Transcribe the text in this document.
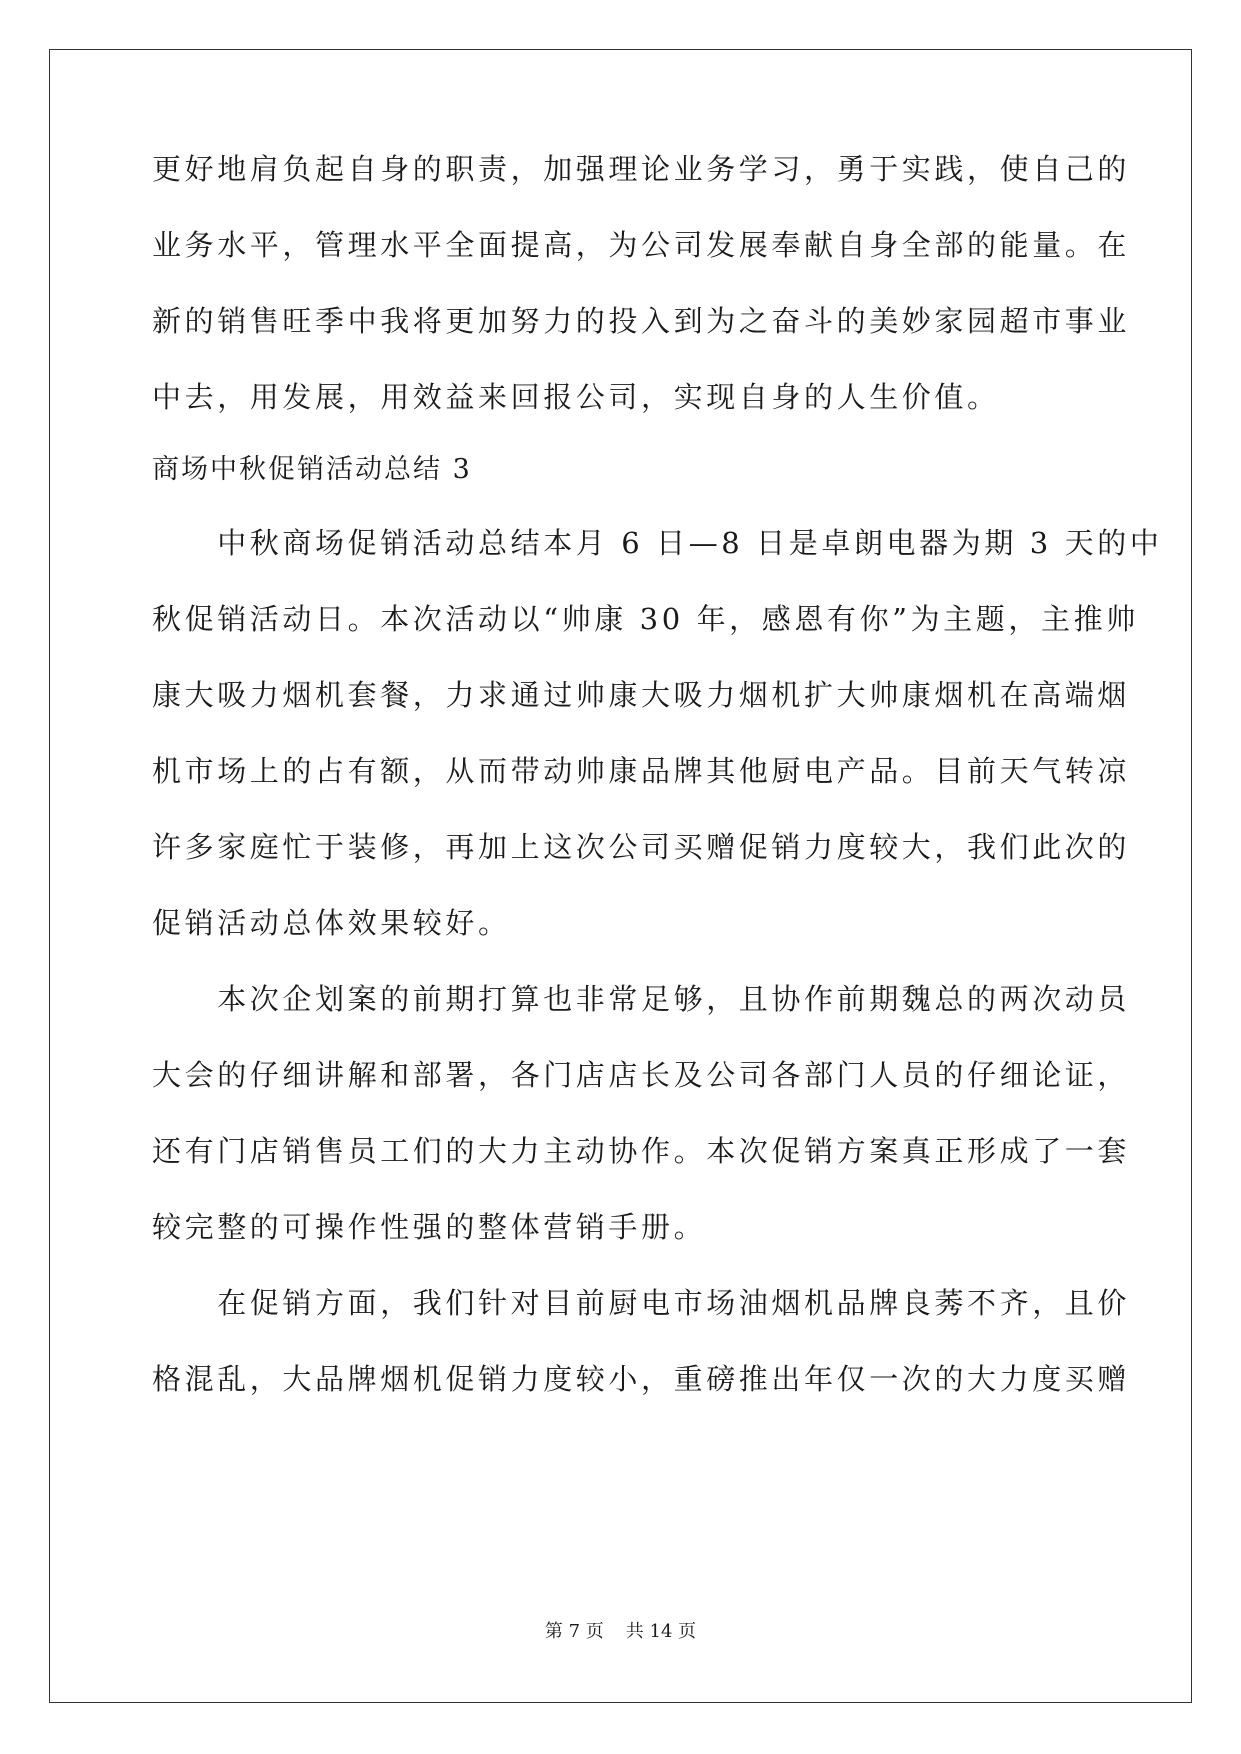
更好地肩负起自身的职责，加强理论业务学习，勇于实践，使自己的
业务水平，管理水平全面提高，为公司发展奉献自身全部的能量。在
新的销售旺季中我将更加努力的投入到为之奋斗的美妙家园超市事业
中去，用发展，用效益来回报公司，实现自身的人生价值。
商场中秋促销活动总结 3
　　中秋商场促销活动总结本月 6 日—8 日是卓朗电器为期 3 天的中
秋促销活动日。本次活动以“帅康 30 年，感恩有你”为主题，主推帅
康大吸力烟机套餐，力求通过帅康大吸力烟机扩大帅康烟机在高端烟
机市场上的占有额，从而带动帅康品牌其他厨电产品。目前天气转凉
许多家庭忙于装修，再加上这次公司买赠促销力度较大，我们此次的
促销活动总体效果较好。
　　本次企划案的前期打算也非常足够，且协作前期魏总的两次动员
大会的仔细讲解和部署，各门店店长及公司各部门人员的仔细论证，
还有门店销售员工们的大力主动协作。本次促销方案真正形成了一套
较完整的可操作性强的整体营销手册。
　　在促销方面，我们针对目前厨电市场油烟机品牌良莠不齐，且价
格混乱，大品牌烟机促销力度较小，重磅推出年仅一次的大力度买赠
第 7 页 共 14 页
